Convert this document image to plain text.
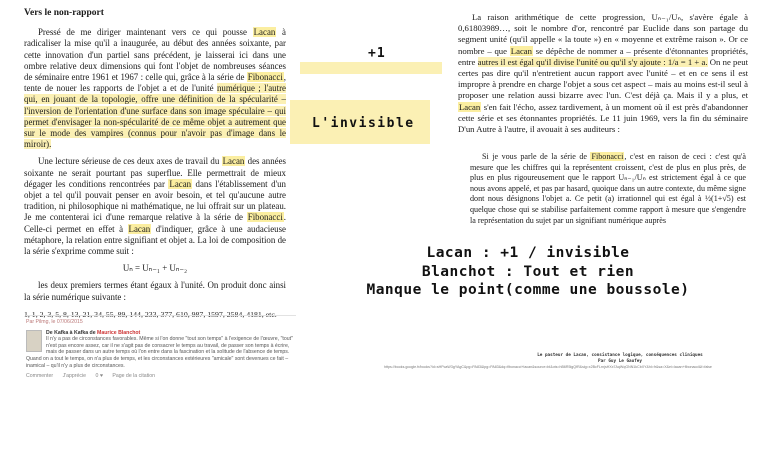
Vers le non-rapport

Pressé de me diriger maintenant vers ce qui pousse Lacan à radicaliser la mise qu'il a inaugurée, au début des années soixante, par cette innovation d'un partiel sans précédent, je laisserai ici dans une ombre relative deux dimensions qui font l'objet de nombreuses séances de séminaire entre 1961 et 1967 : celle qui, grâce à la série de Fibonacci, tente de nouer les rapports de l'objet a et de l'unité numérique ; l'autre qui, en jouant de la topologie, offre une définition de la spécularité – l'inversion de l'orientation d'une surface dans son image spéculaire – qui permet d'envisager la non-spécularité de ce même objet a autrement que sur le mode des vampires (connus pour n'avoir pas d'image dans le miroir).

Une lecture sérieuse de ces deux axes de travail du Lacan des années soixante ne serait pourtant pas superflue. Elle permettrait de mieux dégager les conditions rencontrées par Lacan dans l'établissement d'un objet a tel qu'il pouvait penser en avoir besoin, et tel qu'aucune autre tradition, ni philosophique ni mathématique, ne lui offrait sur un plateau. Je me contenterai ici d'une remarque relative à la série de Fibonacci. Celle-ci permet en effet à Lacan d'indiquer, grâce à une audacieuse métaphore, la relation entre signifiant et objet a. La loi de composition de la série s'exprime comme suit :

Uₙ = Uₙ₋₁ + Uₙ₋₂

les deux premiers termes étant égaux à l'unité. On produit donc ainsi la série numérique suivante :

1, 1, 2, 3, 5, 8, 13, 21, 34, 55, 89, 144, 233, 377, 610, 987, 1597, 2584, 4181, etc.

Par Pilmg, le 07/06/2015
De Kafka à Kafka de Maurice Blanchot
Il n'y a pas de circonstances favorables. Même si l'on donne "tout son temps" à l'exigence de l'œuvre, "tout" n'est pas encore assez, car il ne s'agit pas de consacrer le temps au travail, de passer son temps à écrire, mais de passer dans un autre temps où l'on entre dans la fascination et la solitude de l'absence de temps. Quand on a tout le temps, on n'a plus de temps, et les circonstances extérieures "amicale" sont devenues ce fait – inamical – qu'il n'y a plus de circonstances.
Commenter J'apprécie 0 ♥ Page de la citation
+1
L'invisible

La raison arithmétique de cette progression, Uₙ₋₁/Uₙ, s'avère égale à 0,61803989…, soit le nombre d'or, rencontré par Euclide dans son partage du segment unité (qu'il appelle « la toute ») en « moyenne et extrême raison ». Or ce nombre – que Lacan se dépêche de nommer a – présente d'étonnantes propriétés, entre autres il est égal qu'il divise l'unité ou qu'il s'y ajoute : 1/a = 1 + a. On ne peut certes pas dire qu'il n'entretient aucun rapport avec l'unité – et en ce sens il est impropre à prendre en charge l'objet a sous cet aspect – mais au moins est-il seul à proposer une relation aussi bizarre avec l'un. C'est déjà ça. Mais il y a plus, et Lacan s'en fait l'écho, assez tardivement, à un moment où il est près d'abandonner cette série et ses étonnantes propriétés. Le 11 juin 1969, vers la fin du séminaire D'un Autre à l'autre, il avouait à ses auditeurs :

Si je vous parle de la série de Fibonacci, c'est en raison de ceci : c'est qu'à mesure que les chiffres qui la représentent croissent, c'est de plus en plus près, de plus en plus rigoureusement que le rapport Uₙ₋₁/Uₙ est strictement égal à ce que nous avons appelé, et pas par hasard, quoique dans un autre contexte, du même signe dont nous désignons l'objet a. Ce petit (a) irrationnel qui est égal à ½(1+√5) est quelque chose qui se stabilise parfaitement comme rapport à mesure que s'engendre la représentation du sujet par un signifiant numérique auprès

Lacan : +1 / invisible
Blanchot : Tout et rien
Manque le point(comme une boussole)
Le pasteur de Lacan, consistance logique, conséquences cliniques
Par Guy Le Gaufey
https://books.google.fr/books?id=sHPcaW3gYAgC&pg=PA83&lpg=PA83&dq=fibonacci+lacan&source=bl&ots=hB6R5lgQfR&sig=x2BcFLrnjsHXx7AqWqGNN1kCbXY&hl=fr&sa=X&ei=lacan+fibonacci&f=false
